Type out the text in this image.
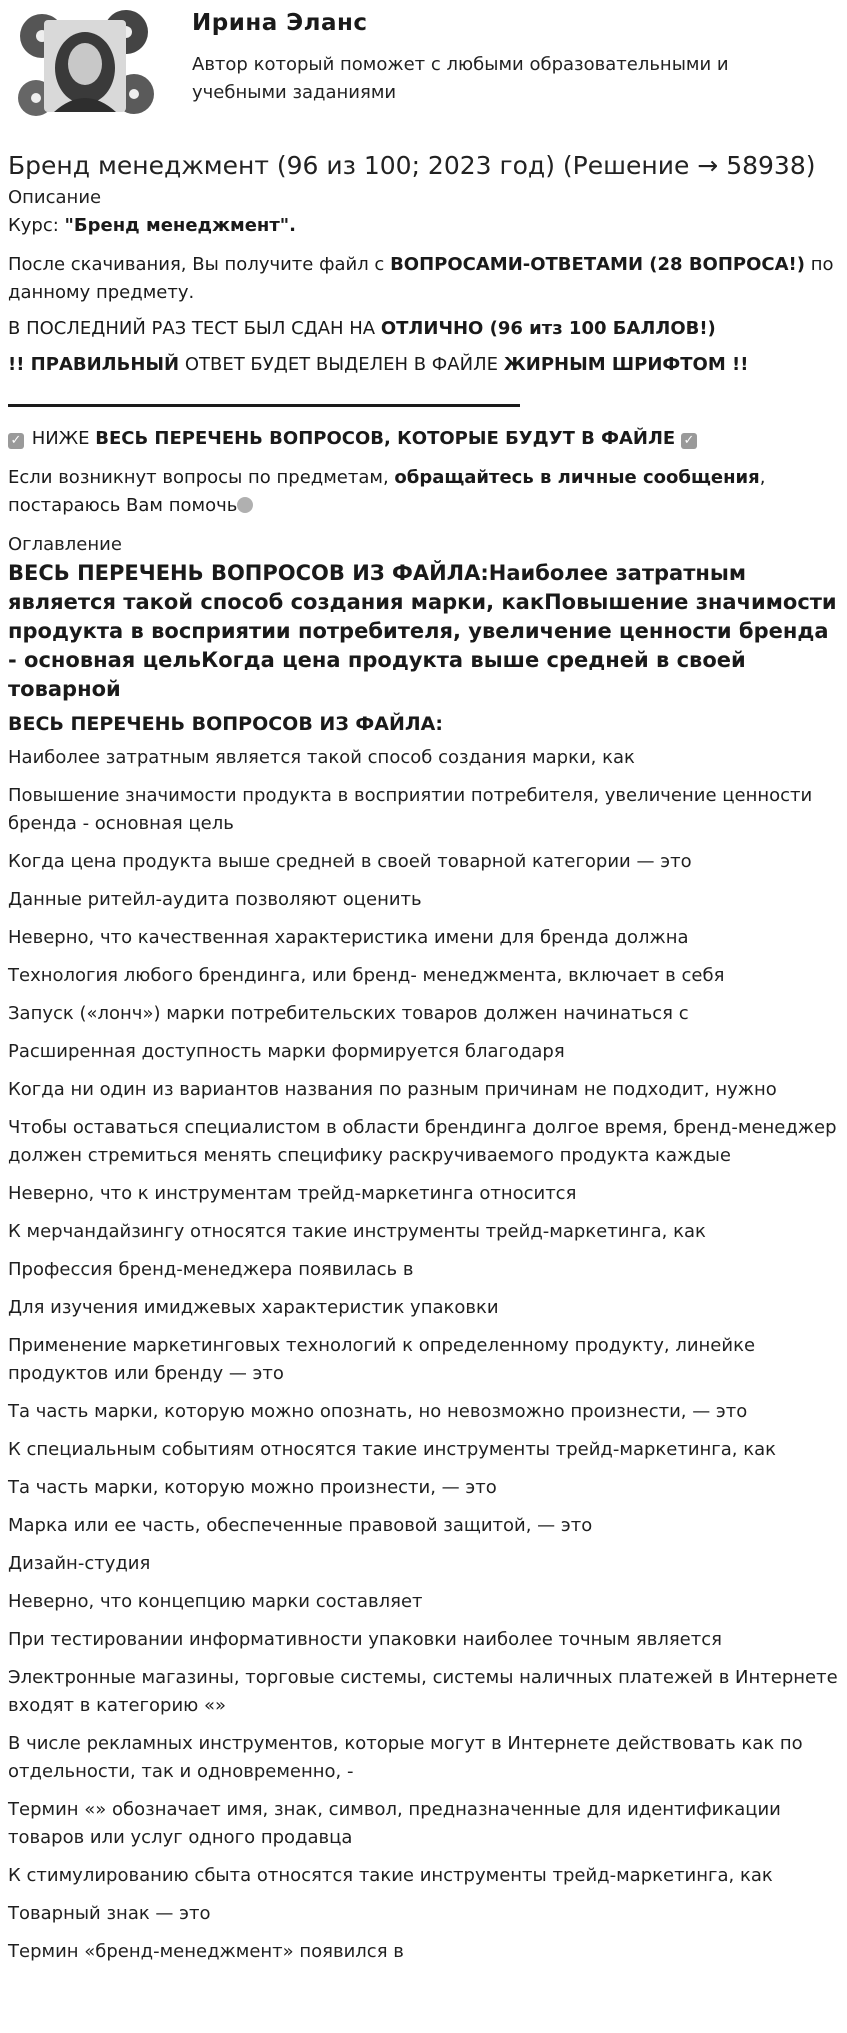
Ирина Эланс
Автор который поможет с любыми образовательными и учебными заданиями
Бренд менеджмент (96 из 100; 2023 год) (Решение → 58938)
Описание

Курс: "Бренд менеджмент".

После скачивания, Вы получите файл с ВОПРОСАМИ-ОТВЕТАМИ (28 ВОПРОСА!) по данному предмету.

В ПОСЛЕДНИЙ РАЗ ТЕСТ БЫЛ СДАН НА ОТЛИЧНО (96 итз 100 БАЛЛОВ!)

!! ПРАВИЛЬНЫЙ ОТВЕТ БУДЕТ ВЫДЕЛЕН В ФАЙЛЕ ЖИРНЫМ ШРИФТОМ !!

✓ НИЖЕ ВЕСЬ ПЕРЕЧЕНЬ ВОПРОСОВ, КОТОРЫЕ БУДУТ В ФАЙЛЕ ✓

Если возникнут вопросы по предметам, обращайтесь в личные сообщения, постараюсь Вам помочь

Оглавление
ВЕСЬ ПЕРЕЧЕНЬ ВОПРОСОВ ИЗ ФАЙЛА:Наиболее затратным является такой способ создания марки, какПовышение значимости продукта в восприятии потребителя, увеличение ценности бренда - основная цельКогда цена продукта выше средней в своей товарной
ВЕСЬ ПЕРЕЧЕНЬ ВОПРОСОВ ИЗ ФАЙЛА:
Наиболее затратным является такой способ создания марки, как
Повышение значимости продукта в восприятии потребителя, увеличение ценности бренда - основная цель
Когда цена продукта выше средней в своей товарной категории — это
Данные ритейл-аудита позволяют оценить
Неверно, что качественная характеристика имени для бренда должна
Технология любого брендинга, или бренд- менеджмента, включает в себя
Запуск («лонч») марки потребительских товаров должен начинаться с
Расширенная доступность марки формируется благодаря
Когда ни один из вариантов названия по разным причинам не подходит, нужно
Чтобы оставаться специалистом в области брендинга долгое время, бренд-менеджер должен стремиться менять специфику раскручиваемого продукта каждые
Неверно, что к инструментам трейд-маркетинга относится
К мерчандайзингу относятся такие инструменты трейд-маркетинга, как
Профессия бренд-менеджера появилась в
Для изучения имиджевых характеристик упаковки
Применение маркетинговых технологий к определенному продукту, линейке продуктов или бренду — это
Та часть марки, которую можно опознать, но невозможно произнести, — это
К специальным событиям относятся такие инструменты трейд-маркетинга, как
Та часть марки, которую можно произнести, — это
Марка или ее часть, обеспеченные правовой защитой, — это
Дизайн-студия
Неверно, что концепцию марки составляет
При тестировании информативности упаковки наиболее точным является
Электронные магазины, торговые системы, системы наличных платежей в Интернете входят в категорию «»
В числе рекламных инструментов, которые могут в Интернете действовать как по отдельности, так и одновременно, -
Термин «» обозначает имя, знак, символ, предназначенные для идентификации товаров или услуг одного продавца
К стимулированию сбыта относятся такие инструменты трейд-маркетинга, как
Товарный знак — это
Термин «бренд-менеджмент» появился в
